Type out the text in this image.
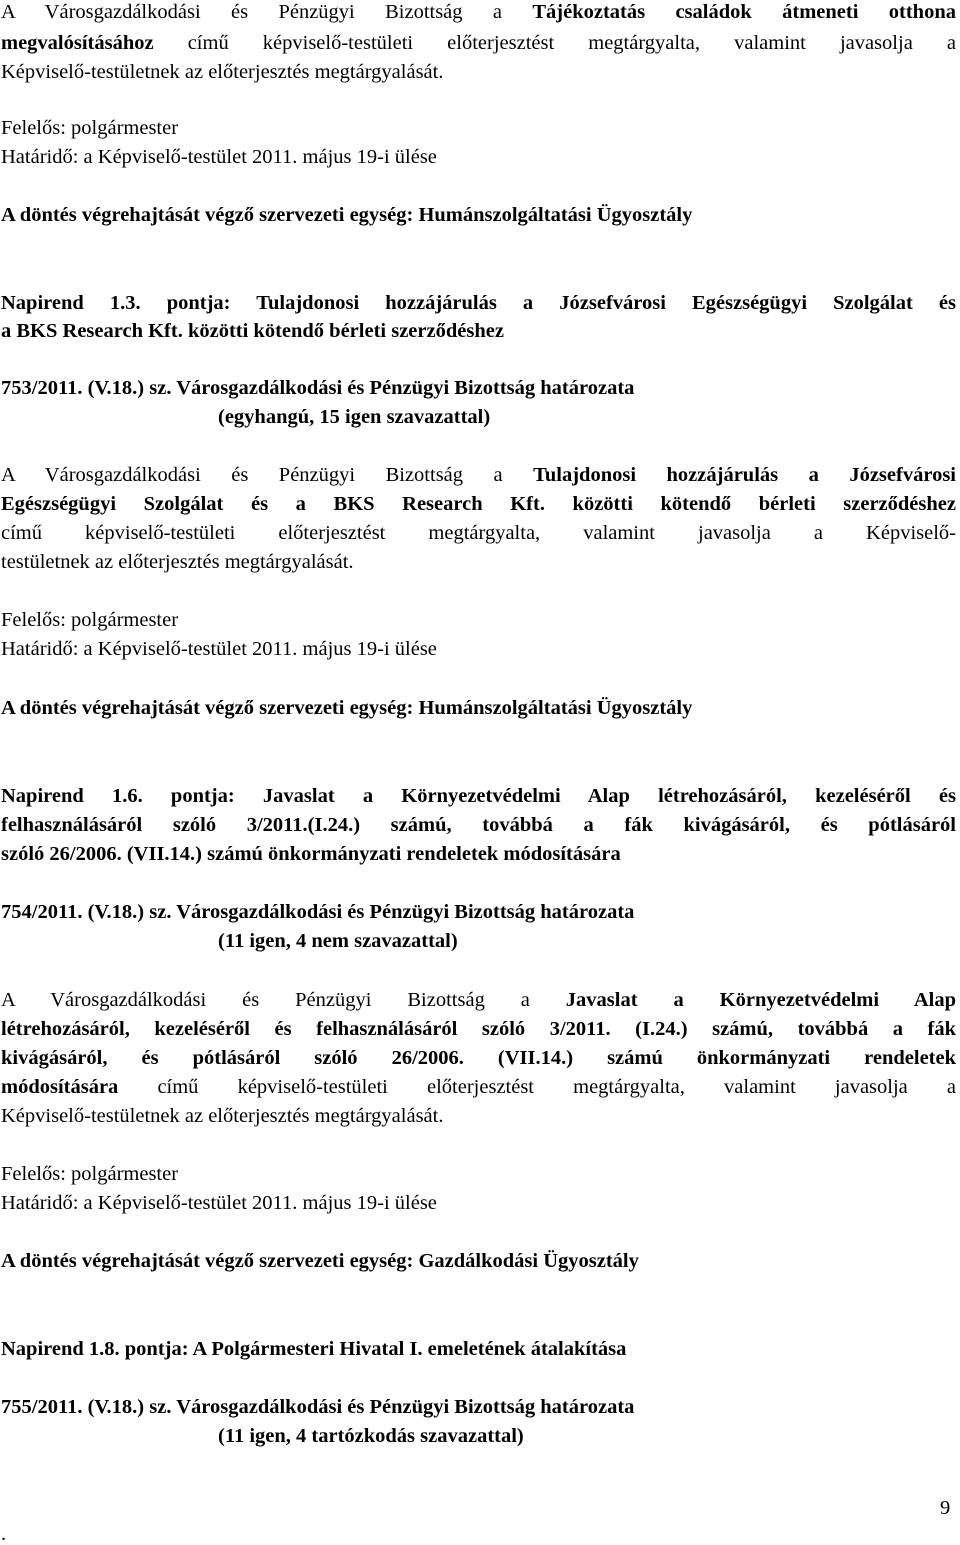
A Városgazdálkodási és Pénzügyi Bizottság a Tájékoztatás családok átmeneti otthona
megvalósításához című képviselő-testületi előterjesztést megtárgyalta, valamint javasolja a
Képviselő-testületnek az előterjesztés megtárgyalását.
Felelős: polgármester
Határidő: a Képviselő-testület 2011. május 19-i ülése
A döntés végrehajtását végző szervezeti egység: Humánszolgáltatási Ügyosztály
Napirend 1.3. pontja: Tulajdonosi hozzájárulás a Józsefvárosi Egészségügyi Szolgálat és
a BKS Research Kft. közötti kötendő bérleti szerződéshez
753/2011. (V.18.) sz. Városgazdálkodási és Pénzügyi Bizottság határozata
(egyhangú, 15 igen szavazattal)
A Városgazdálkodási és Pénzügyi Bizottság a Tulajdonosi hozzájárulás a Józsefvárosi
Egészségügyi Szolgálat és a BKS Research Kft. közötti kötendő bérleti szerződéshez
című képviselő-testületi előterjesztést megtárgyalta, valamint javasolja a Képviselő-
testületnek az előterjesztés megtárgyalását.
Felelős: polgármester
Határidő: a Képviselő-testület 2011. május 19-i ülése
A döntés végrehajtását végző szervezeti egység: Humánszolgáltatási Ügyosztály
Napirend 1.6. pontja: Javaslat a Környezetvédelmi Alap létrehozásáról, kezeléséről és
felhasználásáról szóló 3/2011.(I.24.) számú, továbbá a fák kivágásáról, és pótlásáról
szóló 26/2006. (VII.14.) számú önkormányzati rendeletek módosítására
754/2011. (V.18.) sz. Városgazdálkodási és Pénzügyi Bizottság határozata
(11 igen, 4 nem szavazattal)
A Városgazdálkodási és Pénzügyi Bizottság a Javaslat a Környezetvédelmi Alap
létrehozásáról, kezeléséről és felhasználásáról szóló 3/2011. (I.24.) számú, továbbá a fák
kivágásáról, és pótlásáról szóló 26/2006. (VII.14.) számú önkormányzati rendeletek
módosítására című képviselő-testületi előterjesztést megtárgyalta, valamint javasolja a
Képviselő-testületnek az előterjesztés megtárgyalását.
Felelős: polgármester
Határidő: a Képviselő-testület 2011. május 19-i ülése
A döntés végrehajtását végző szervezeti egység: Gazdálkodási Ügyosztály
Napirend 1.8. pontja: A Polgármesteri Hivatal I. emeletének átalakítása
755/2011. (V.18.) sz. Városgazdálkodási és Pénzügyi Bizottság határozata
(11 igen, 4 tartózkodás szavazattal)
9
.
